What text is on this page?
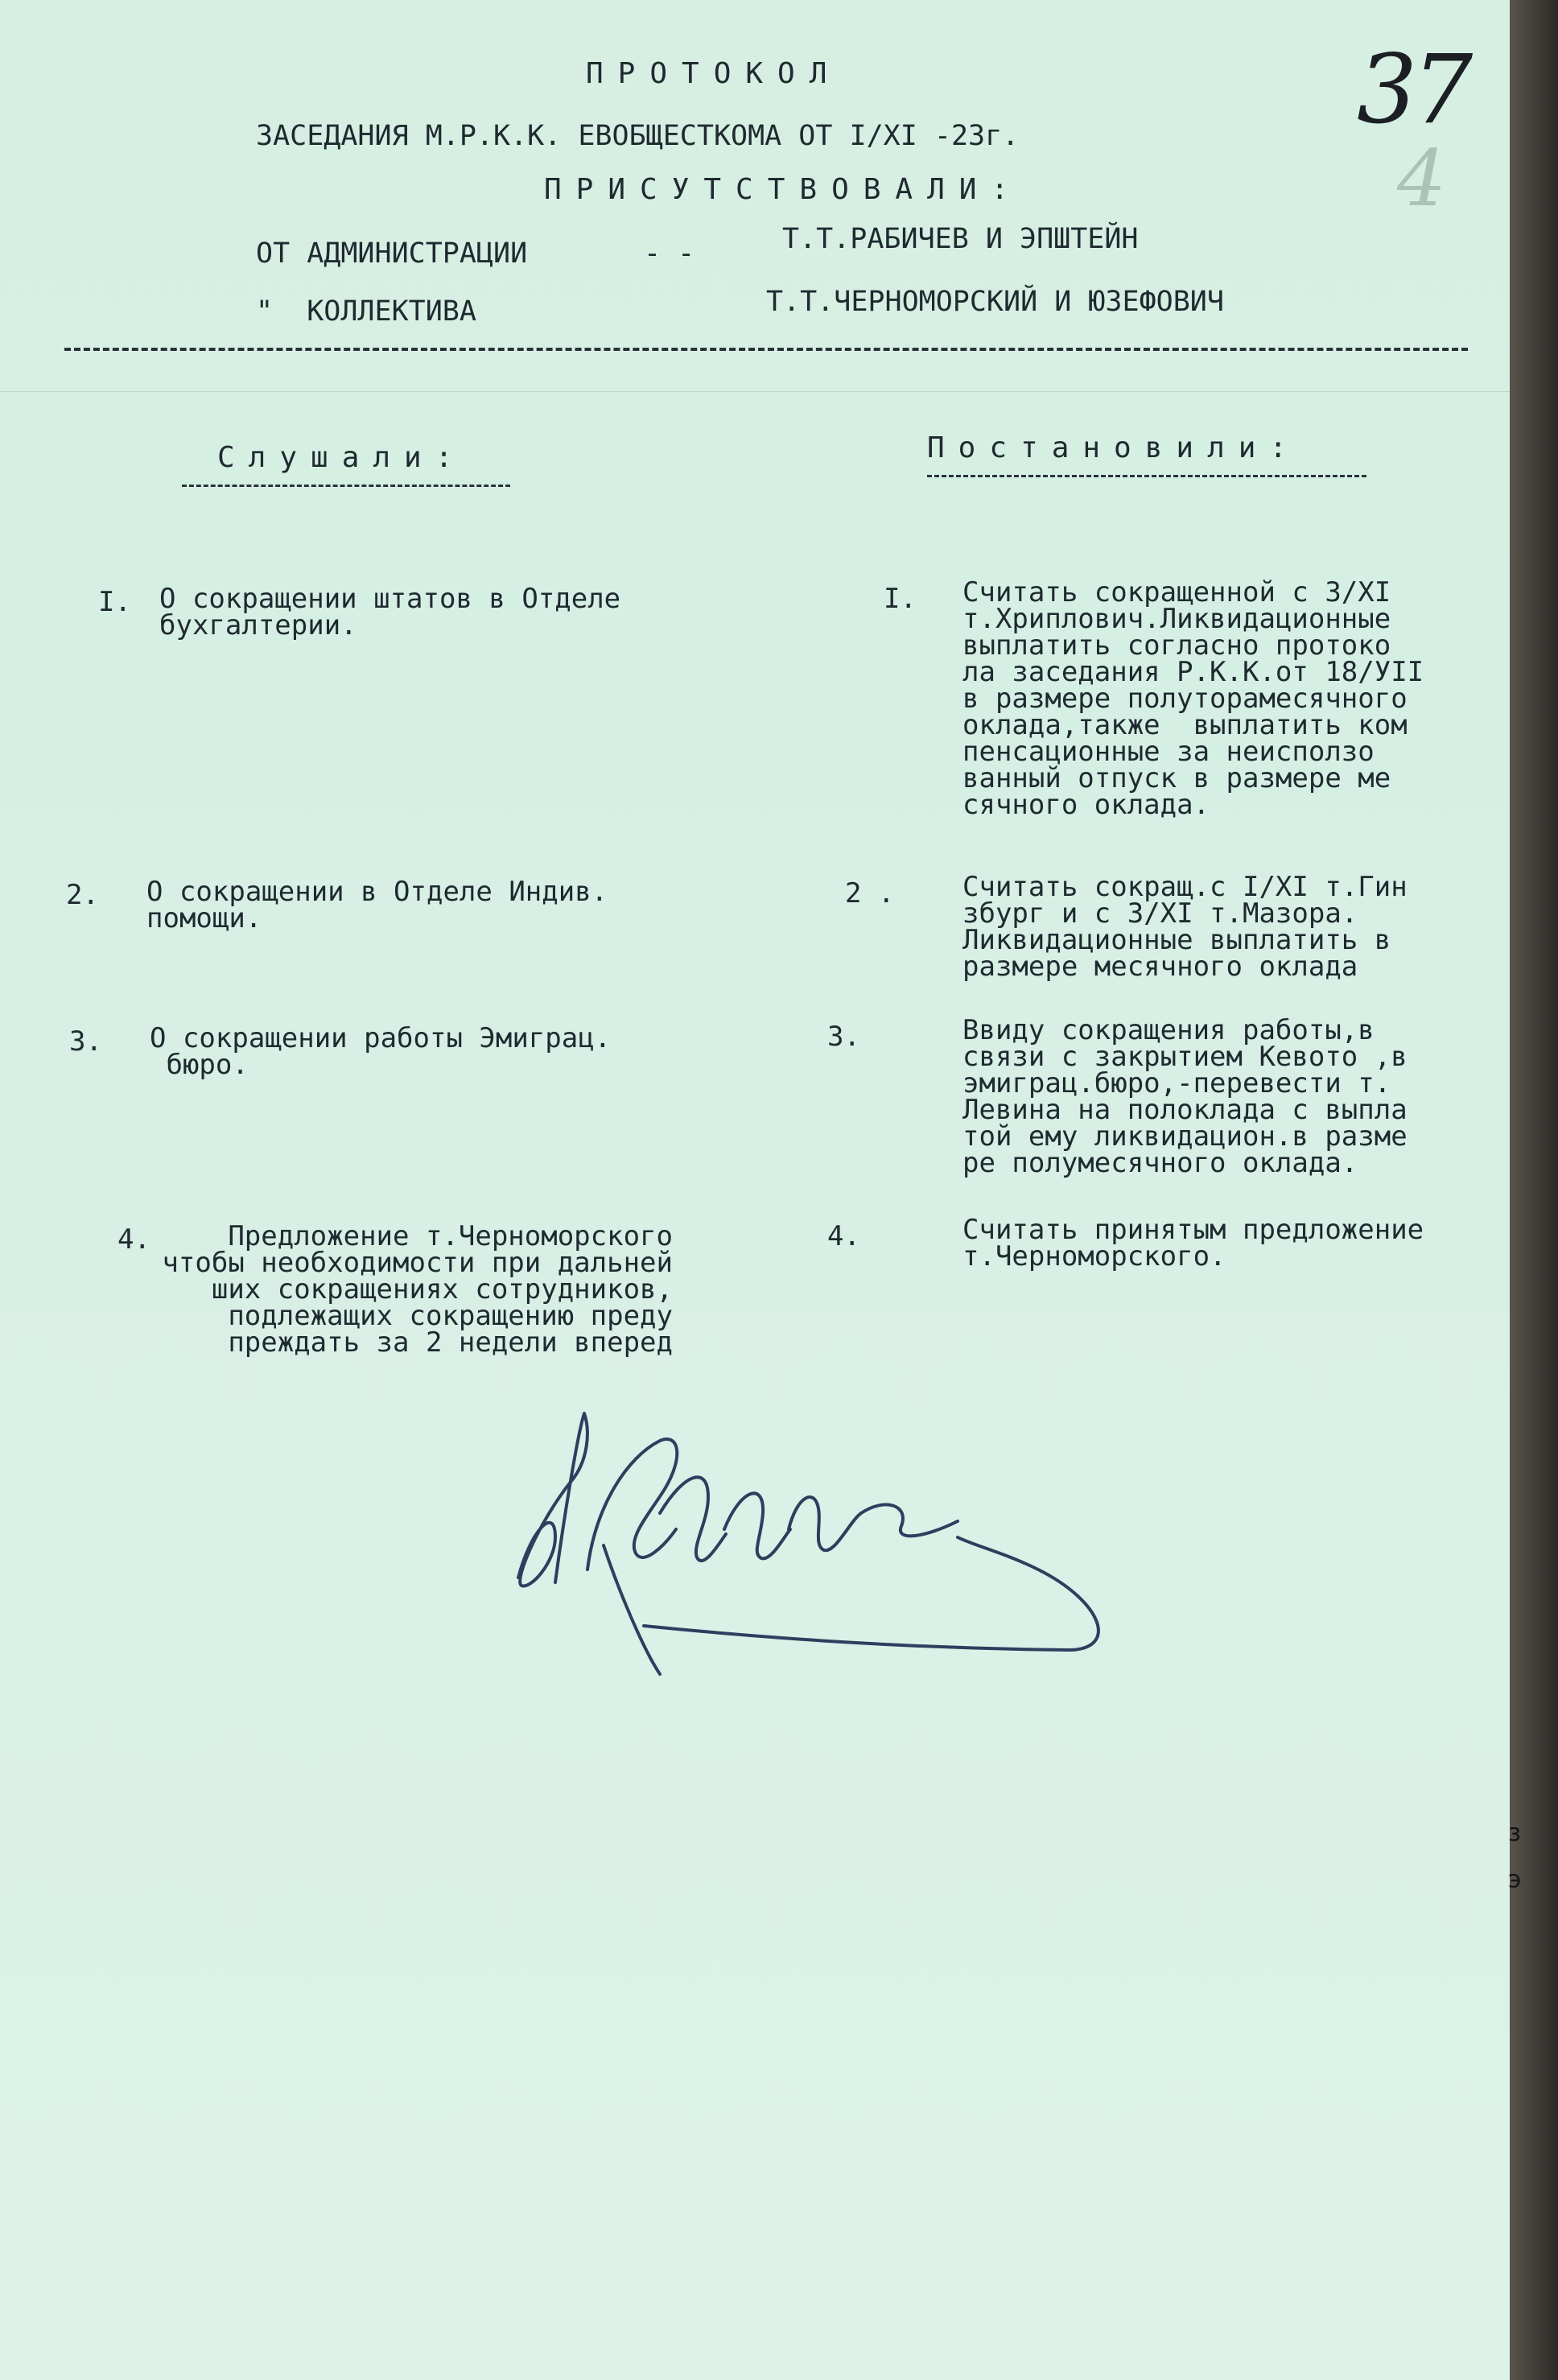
37
4
ПРОТОКОЛ
ЗАСЕДАНИЯ М.Р.К.К. ЕВОБЩЕСТКОМА ОТ I/XI -23г.
ПРИСУТСТВОВАЛИ:
ОТ АДМИНИСТРАЦИИ	- -	Т.Т.РАБИЧЕВ И ЭПШТЕЙН
"  КОЛЛЕКТИВА	Т.Т.ЧЕРНОМОРСКИЙ И ЮЗЕФОВИЧ
Слушали:	Постановили:
I. О сокращении штатов в Отделе
бухгалтерии.
I. Считать сокращенной с 3/XI
т.Хриплович.Ликвидационные
выплатить согласно протоко
ла заседания Р.К.К.от 18/УII
в размере полуторамесячного
оклада,также  выплатить ком
пенсационные за неисползо
ванный отпуск в размере ме
сячного оклада.
2. О сокращении в Отделе Индив.
помощи.
2 . Считать сокращ.с I/XI т.Гин
збург и с 3/XI т.Мазора.
Ликвидационные выплатить в
размере месячного оклада
3. О сокращении работы Эмиграц.
бюро.
3.	Ввиду сокращения работы,в
связи с закрытием Кевото ,в
эмиграц.бюро,-перевести т.
Левина на полоклада с выпла
той ему ликвидацион.в разме
ре полумесячного оклада.
4.	Предложение т.Черноморского
чтобы необходимости при дальней
ших сокращениях сотрудников,
подлежащих сокращению преду
преждать за 2 недели вперед
4.	Считать принятым предложение
т.Черноморского.
з
э
